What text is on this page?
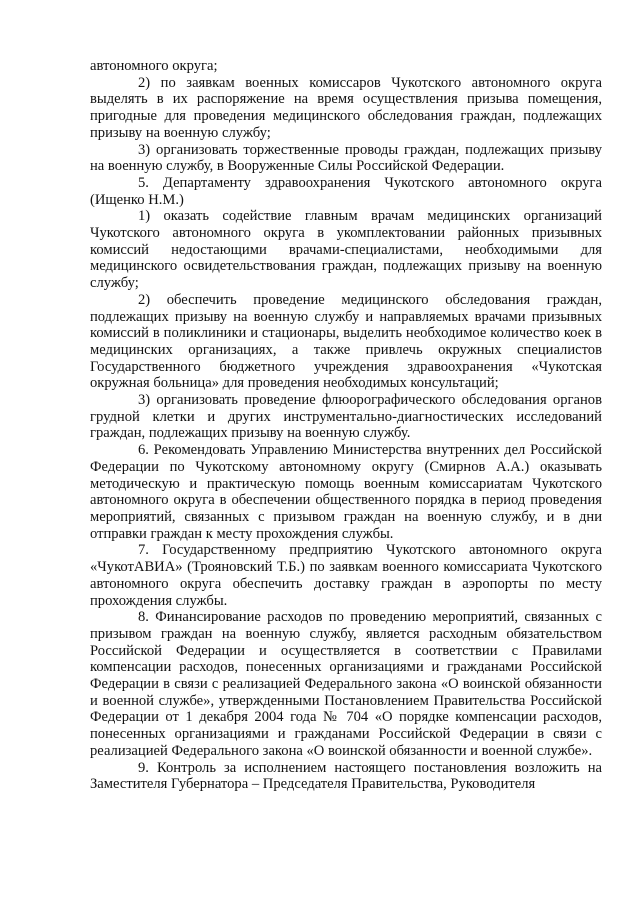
автономного округа;

2) по заявкам военных комиссаров Чукотского автономного округа выделять в их распоряжение на время осуществления призыва помещения, пригодные для проведения медицинского обследования граждан, подлежащих призыву на военную службу;

3) организовать торжественные проводы граждан, подлежащих призыву на военную службу, в Вооруженные Силы Российской Федерации.

5. Департаменту здравоохранения Чукотского автономного округа (Ищенко Н.М.)

1) оказать содействие главным врачам медицинских организаций Чукотского автономного округа в укомплектовании районных призывных комиссий недостающими врачами-специалистами, необходимыми для медицинского освидетельствования граждан, подлежащих призыву на военную службу;

2) обеспечить проведение медицинского обследования граждан, подлежащих призыву на военную службу и направляемых врачами призывных комиссий в поликлиники и стационары, выделить необходимое количество коек в медицинских организациях, а также привлечь окружных специалистов Государственного бюджетного учреждения здравоохранения «Чукотская окружная больница» для проведения необходимых консультаций;

3) организовать проведение флюорографического обследования органов грудной клетки и других инструментально-диагностических исследований граждан, подлежащих призыву на военную службу.

6. Рекомендовать Управлению Министерства внутренних дел Российской Федерации по Чукотскому автономному округу (Смирнов А.А.) оказывать методическую и практическую помощь военным комиссариатам Чукотского автономного округа в обеспечении общественного порядка в период проведения мероприятий, связанных с призывом граждан на военную службу, и в дни отправки граждан к месту прохождения службы.

7. Государственному предприятию Чукотского автономного округа «ЧукотАВИА» (Трояновский Т.Б.) по заявкам военного комиссариата Чукотского автономного округа обеспечить доставку граждан в аэропорты по месту прохождения службы.

8. Финансирование расходов по проведению мероприятий, связанных с призывом граждан на военную службу, является расходным обязательством Российской Федерации и осуществляется в соответствии с Правилами компенсации расходов, понесенных организациями и гражданами Российской Федерации в связи с реализацией Федерального закона «О воинской обязанности и военной службе», утвержденными Постановлением Правительства Российской Федерации от 1 декабря 2004 года № 704 «О порядке компенсации расходов, понесенных организациями и гражданами Российской Федерации в связи с реализацией Федерального закона «О воинской обязанности и военной службе».

9. Контроль за исполнением настоящего постановления возложить на Заместителя Губернатора – Председателя Правительства, Руководителя
